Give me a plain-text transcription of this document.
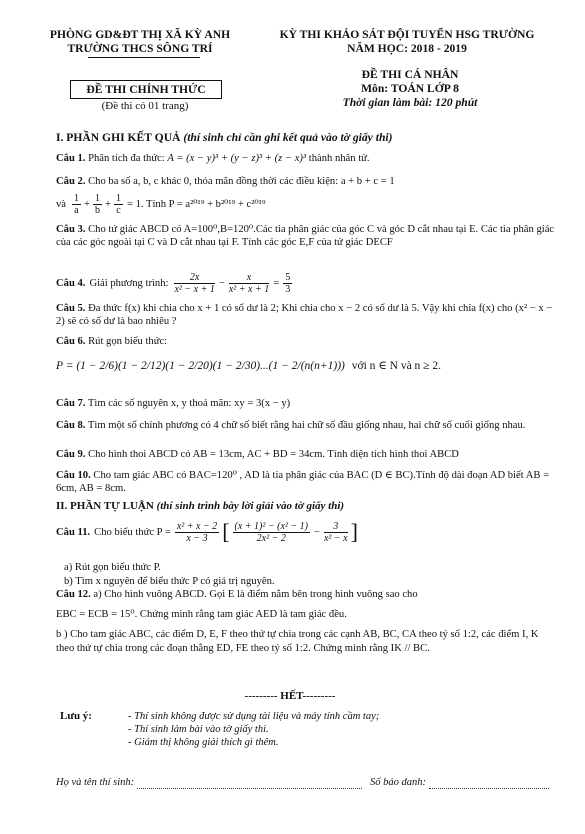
PHÒNG GD&ĐT THỊ XÃ KỲ ANH
TRƯỜNG THCS SÔNG TRÍ
KỲ THI KHẢO SÁT ĐỘI TUYỂN HSG TRƯỜNG
NĂM HỌC: 2018 - 2019
ĐỀ THI CHÍNH THỨC
(Đề thi có 01 trang)
ĐỀ THI CÁ NHÂN
Môn: TOÁN LỚP 8
Thời gian làm bài: 120 phút
I. PHẦN GHI KẾT QUẢ (thí sinh chỉ cần ghi kết quả vào tờ giấy thi)
Câu 1. Phân tích đa thức: A = (x − y)³ + (y − z)³ + (z − x)³ thành nhân tử.
Câu 2. Cho ba số a, b, c khác 0, thỏa mãn đồng thời các điều kiện: a + b + c = 1
và $\frac{1}{a} + \frac{1}{b} + \frac{1}{c} = 1$. Tính P = a²⁰¹⁹ + b²⁰¹⁹ + c²⁰¹⁹
Câu 3. Cho tứ giác ABCD có A=100⁰,B=120⁰.Các tia phân giác của góc C và góc D cắt nhau tại E. Các tia phân giác của các góc ngoài tại C và D cắt nhau tại F. Tính các góc E,F của tứ giác DECF
Câu 4. Giải phương trình: $\frac{2x}{\text{x² − x + 1}} - \frac{x}{\text{x² + x + 1}} = \frac{5}{3}$
Câu 5. Đa thức f(x) khi chia cho x + 1 có số dư là 2; Khi chia cho x − 2 có số dư là 5. Vậy khi chia f(x) cho (x² − x − 2) sẽ có số dư là bao nhiêu ?
Câu 6. Rút gọn biểu thức:
P = (1 − 2/6)(1 − 2/12)(1 − 2/20)(1 − 2/30)...(1 − 2/(n(n+1))) với n ∈ N và n ≥ 2.
Câu 7. Tìm các số nguyên x, y thoả mãn: xy = 3(x − y)
Câu 8. Tìm một số chính phương có 4 chữ số biết rằng hai chữ số đầu giống nhau, hai chữ số cuối giống nhau.
Câu 9. Cho hình thoi ABCD có AB = 13cm, AC + BD = 34cm. Tính diện tích hình thoi ABCD
Câu 10. Cho tam giác ABC có BAC=120⁰ , AD là tia phân giác của BAC (D ∈ BC).Tính độ dài đoạn AD biết AB = 6cm, AB = 8cm.
II. PHẦN TỰ LUẬN (thí sinh trình bày lời giải vào tờ giấy thi)
Câu 11. Cho biểu thức $P = \frac{\text{x² + x − 2}}{x - 3}$ [ $\frac{\text{(x + 1)² − (x² − 1)}}{\text{2x² − 2}} - \frac{3}{\text{x² − x}}$ ]
a) Rút gọn biểu thức P.
b) Tìm x nguyên để biểu thức P có giá trị nguyên.
Câu 12. a) Cho hình vuông ABCD. Gọi E là điểm nằm bên trong hình vuông sao cho
EBC = ECB = 15⁰. Chứng minh rằng tam giác AED là tam giác đều.
b ) Cho tam giác ABC, các điểm D, E, F theo thứ tự chia trong các cạnh AB, BC, CA theo tỷ số 1:2, các điểm I, K theo thứ tự chia trong các đoạn thẳng ED, FE theo tỷ số 1:2. Chứng minh rằng IK // BC.
--------- HẾT---------
Lưu ý:	- Thí sinh không được sử dụng tài liệu và máy tính cầm tay;
- Thí sinh làm bài vào tờ giấy thi.
- Giám thị không giải thích gì thêm.
Họ và tên thí sinh:	Số báo danh:
